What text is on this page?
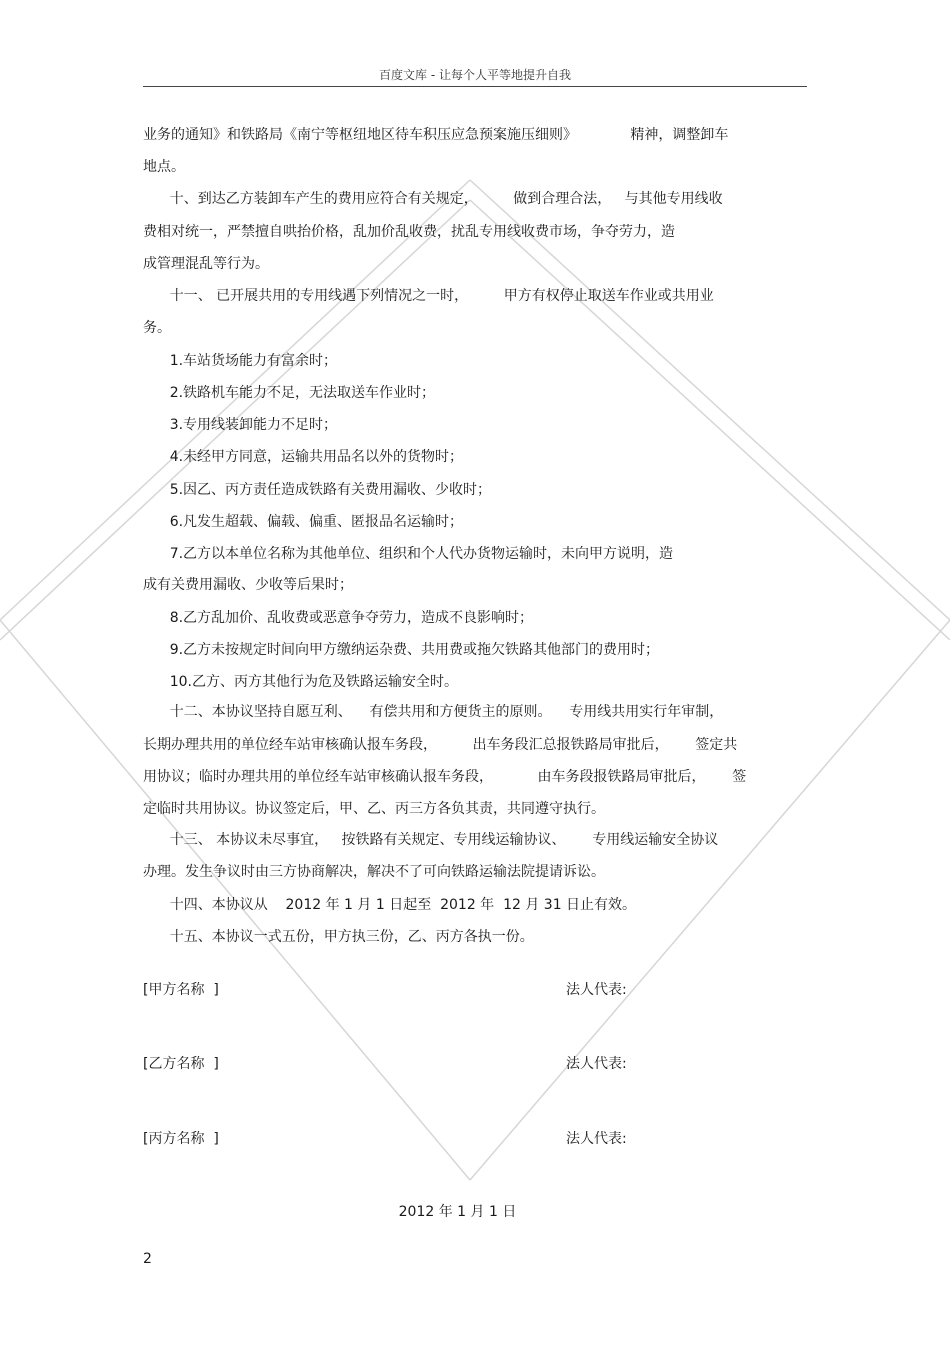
百度文库 - 让每个人平等地提升自我
业务的通知》和铁路局《南宁等枢纽地区待车积压应急预案施压细则》            精神，调整卸车
地点。
十、到达乙方装卸车产生的费用应符合有关规定，        做到合理合法，   与其他专用线收
费相对统一，严禁擅自哄抬价格，乱加价乱收费，扰乱专用线收费市场，争夺劳力，造
成管理混乱等行为。
十一、 已开展共用的专用线遇下列情况之一时，        甲方有权停止取送车作业或共用业
务。
1.车站货场能力有富余时；
2.铁路机车能力不足，无法取送车作业时；
3.专用线装卸能力不足时；
4.未经甲方同意，运输共用品名以外的货物时；
5.因乙、丙方责任造成铁路有关费用漏收、少收时；
6.凡发生超载、偏载、偏重、匿报品名运输时；
7.乙方以本单位名称为其他单位、组织和个人代办货物运输时，未向甲方说明，造
成有关费用漏收、少收等后果时；
8.乙方乱加价、乱收费或恶意争夺劳力，造成不良影响时；
9.乙方未按规定时间向甲方缴纳运杂费、共用费或拖欠铁路其他部门的费用时；
10.乙方、丙方其他行为危及铁路运输安全时。
十二、本协议坚持自愿互利、    有偿共用和方便货主的原则。    专用线共用实行年审制，
长期办理共用的单位经车站审核确认报车务段，        出车务段汇总报铁路局审批后，      签定共
用协议；临时办理共用的单位经车站审核确认报车务段，          由车务段报铁路局审批后，      签
定临时共用协议。协议签定后，甲、乙、丙三方各负其责，共同遵守执行。
十三、 本协议未尽事宜，   按铁路有关规定、专用线运输协议、      专用线运输安全协议
办理。发生争议时由三方协商解决，解决不了可向铁路运输法院提请诉讼。
十四、本协议从    2012 年 1 月 1 日起至  2012 年  12 月 31 日止有效。
十五、本协议一式五份，甲方执三份，乙、丙方各执一份。
[甲方名称  ]	法人代表:
[乙方名称  ]	法人代表:
[丙方名称  ]	法人代表:
2012 年 1 月 1 日
2
